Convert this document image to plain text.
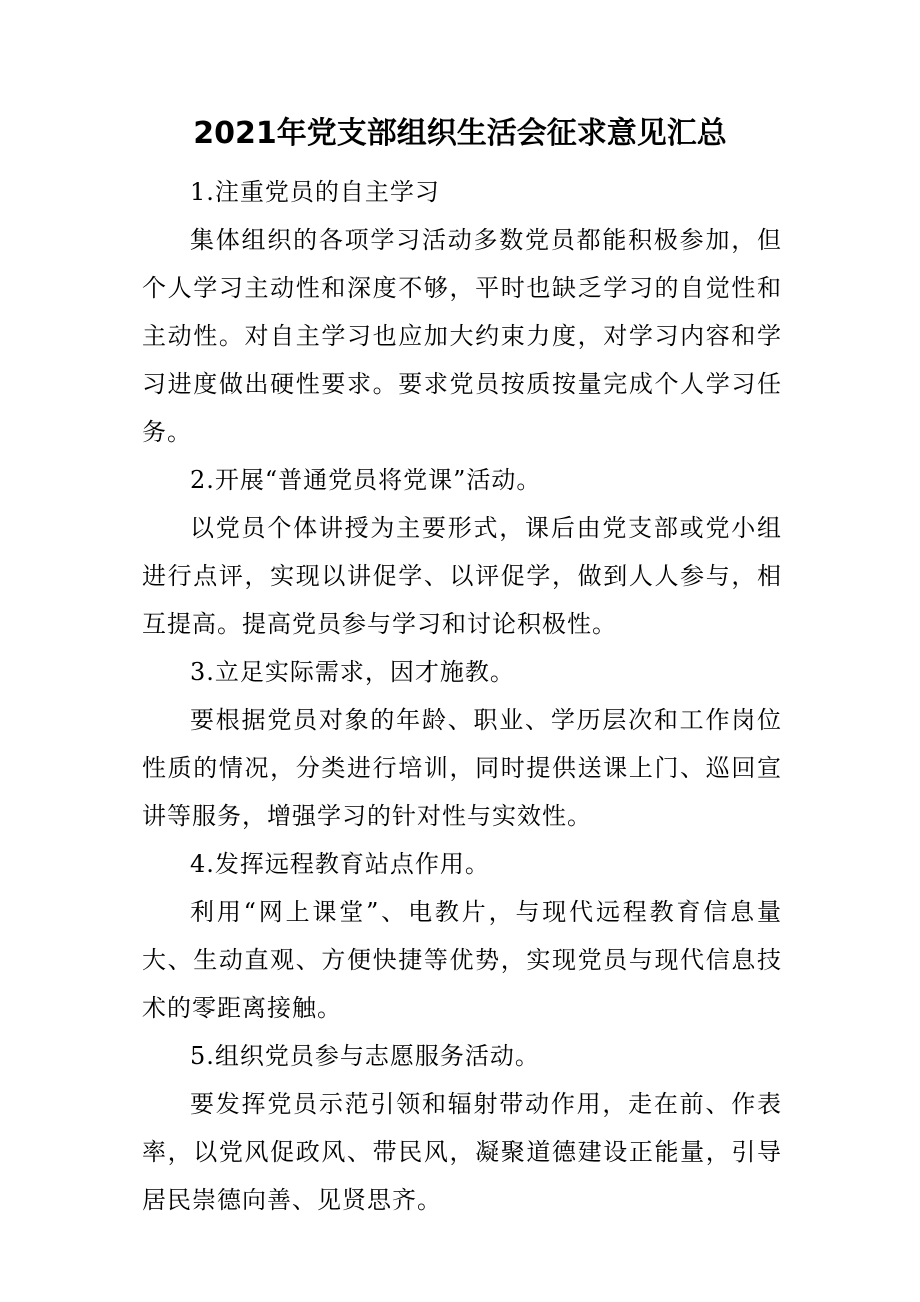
2021年党支部组织生活会征求意见汇总

1.注重党员的自主学习

集体组织的各项学习活动多数党员都能积极参加，但个人学习主动性和深度不够，平时也缺乏学习的自觉性和主动性。对自主学习也应加大约束力度，对学习内容和学习进度做出硬性要求。要求党员按质按量完成个人学习任务。

2.开展“普通党员将党课”活动。

以党员个体讲授为主要形式，课后由党支部或党小组进行点评，实现以讲促学、以评促学，做到人人参与，相互提高。提高党员参与学习和讨论积极性。

3.立足实际需求，因才施教。

要根据党员对象的年龄、职业、学历层次和工作岗位性质的情况，分类进行培训，同时提供送课上门、巡回宣讲等服务，增强学习的针对性与实效性。

4.发挥远程教育站点作用。

利用“网上课堂”、电教片，与现代远程教育信息量大、生动直观、方便快捷等优势，实现党员与现代信息技术的零距离接触。

5.组织党员参与志愿服务活动。

要发挥党员示范引领和辐射带动作用，走在前、作表率，以党风促政风、带民风，凝聚道德建设正能量，引导居民崇德向善、见贤思齐。
